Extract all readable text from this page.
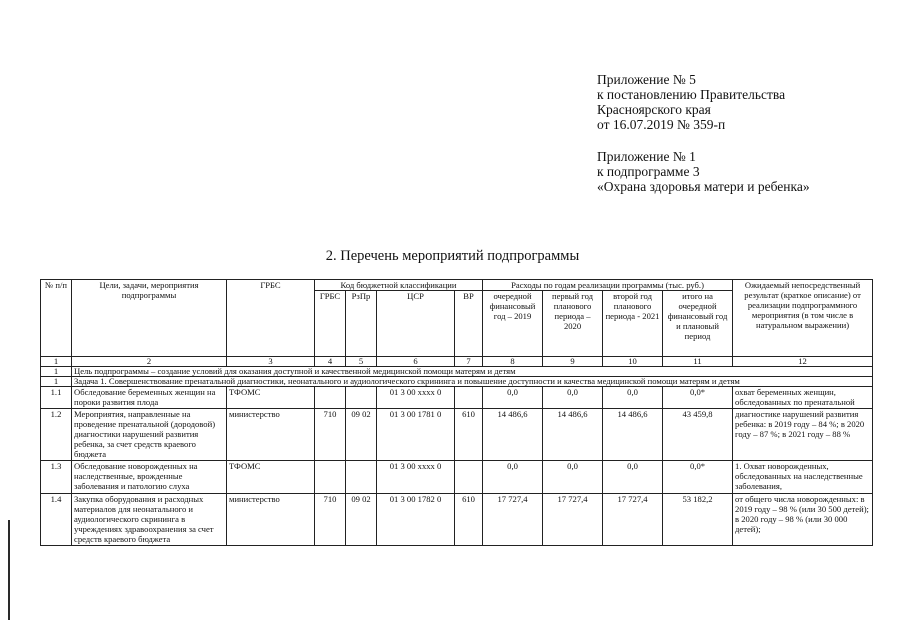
Приложение № 5
к постановлению Правительства
Красноярского края
от 16.07.2019 № 359-п
Приложение № 1
к подпрограмме 3
«Охрана здоровья матери и ребенка»
2. Перечень мероприятий подпрограммы
№ п/п	Цели, задачи, мероприятия подпрограммы	ГРБС	Код бюджетной классификации				Расходы по годам реализации программы (тыс. руб.)				Ожидаемый непосредственный результат (краткое описание) от реализации подпрограммного мероприятия (в том числе в натуральном выражении)
			ГРБС	РзПр	ЦСР	ВР	очередной финансовый год – 2019	первый год планового периода – 2020	второй год планового периода - 2021	итого на очередной финансовый год и плановый период	
1	2	3	4	5	6	7	8	9	10	11	12
1	Цель подпрограммы – создание условий для оказания доступной и качественной медицинской помощи матерям и детям										
1	Задача 1. Совершенствование пренатальной диагностики, неонатального и аудиологического скрининга и повышение доступности и качества медицинской помощи матерям и детям										
1.1	Обследование беременных женщин на пороки развития плода	ТФОМС			01 3 00 xxxx 0		0,0	0,0	0,0	0,0*	охват беременных женщин, обследованных по пренатальной
1.2	Мероприятия, направленные на проведение пренатальной (дородовой) диагностики нарушений развития ребенка, за счет средств краевого бюджета	министерство	710	09 02	01 3 00 1781 0	610	14 486,6	14 486,6	14 486,6	43 459,8	диагностике нарушений развития ребенка: в 2019 году – 84 %; в 2020 году – 87 %; в 2021 году – 88 %
1.3	Обследование новорожденных на наследственные, врожденные заболевания и патологию слуха	ТФОМС			01 3 00 xxxx 0		0,0	0,0	0,0	0,0*	1. Охват новорожденных, обследованных на наследственные заболевания,
1.4	Закупка оборудования и расходных материалов для неонатального и аудиологического скрининга в учреждениях здравоохранения за счет средств краевого бюджета	министерство	710	09 02	01 3 00 1782 0	610	17 727,4	17 727,4	17 727,4	53 182,2	от общего числа новорожденных: в 2019 году – 98 % (или 30 500 детей); в 2020 году – 98 % (или 30 000 детей);
